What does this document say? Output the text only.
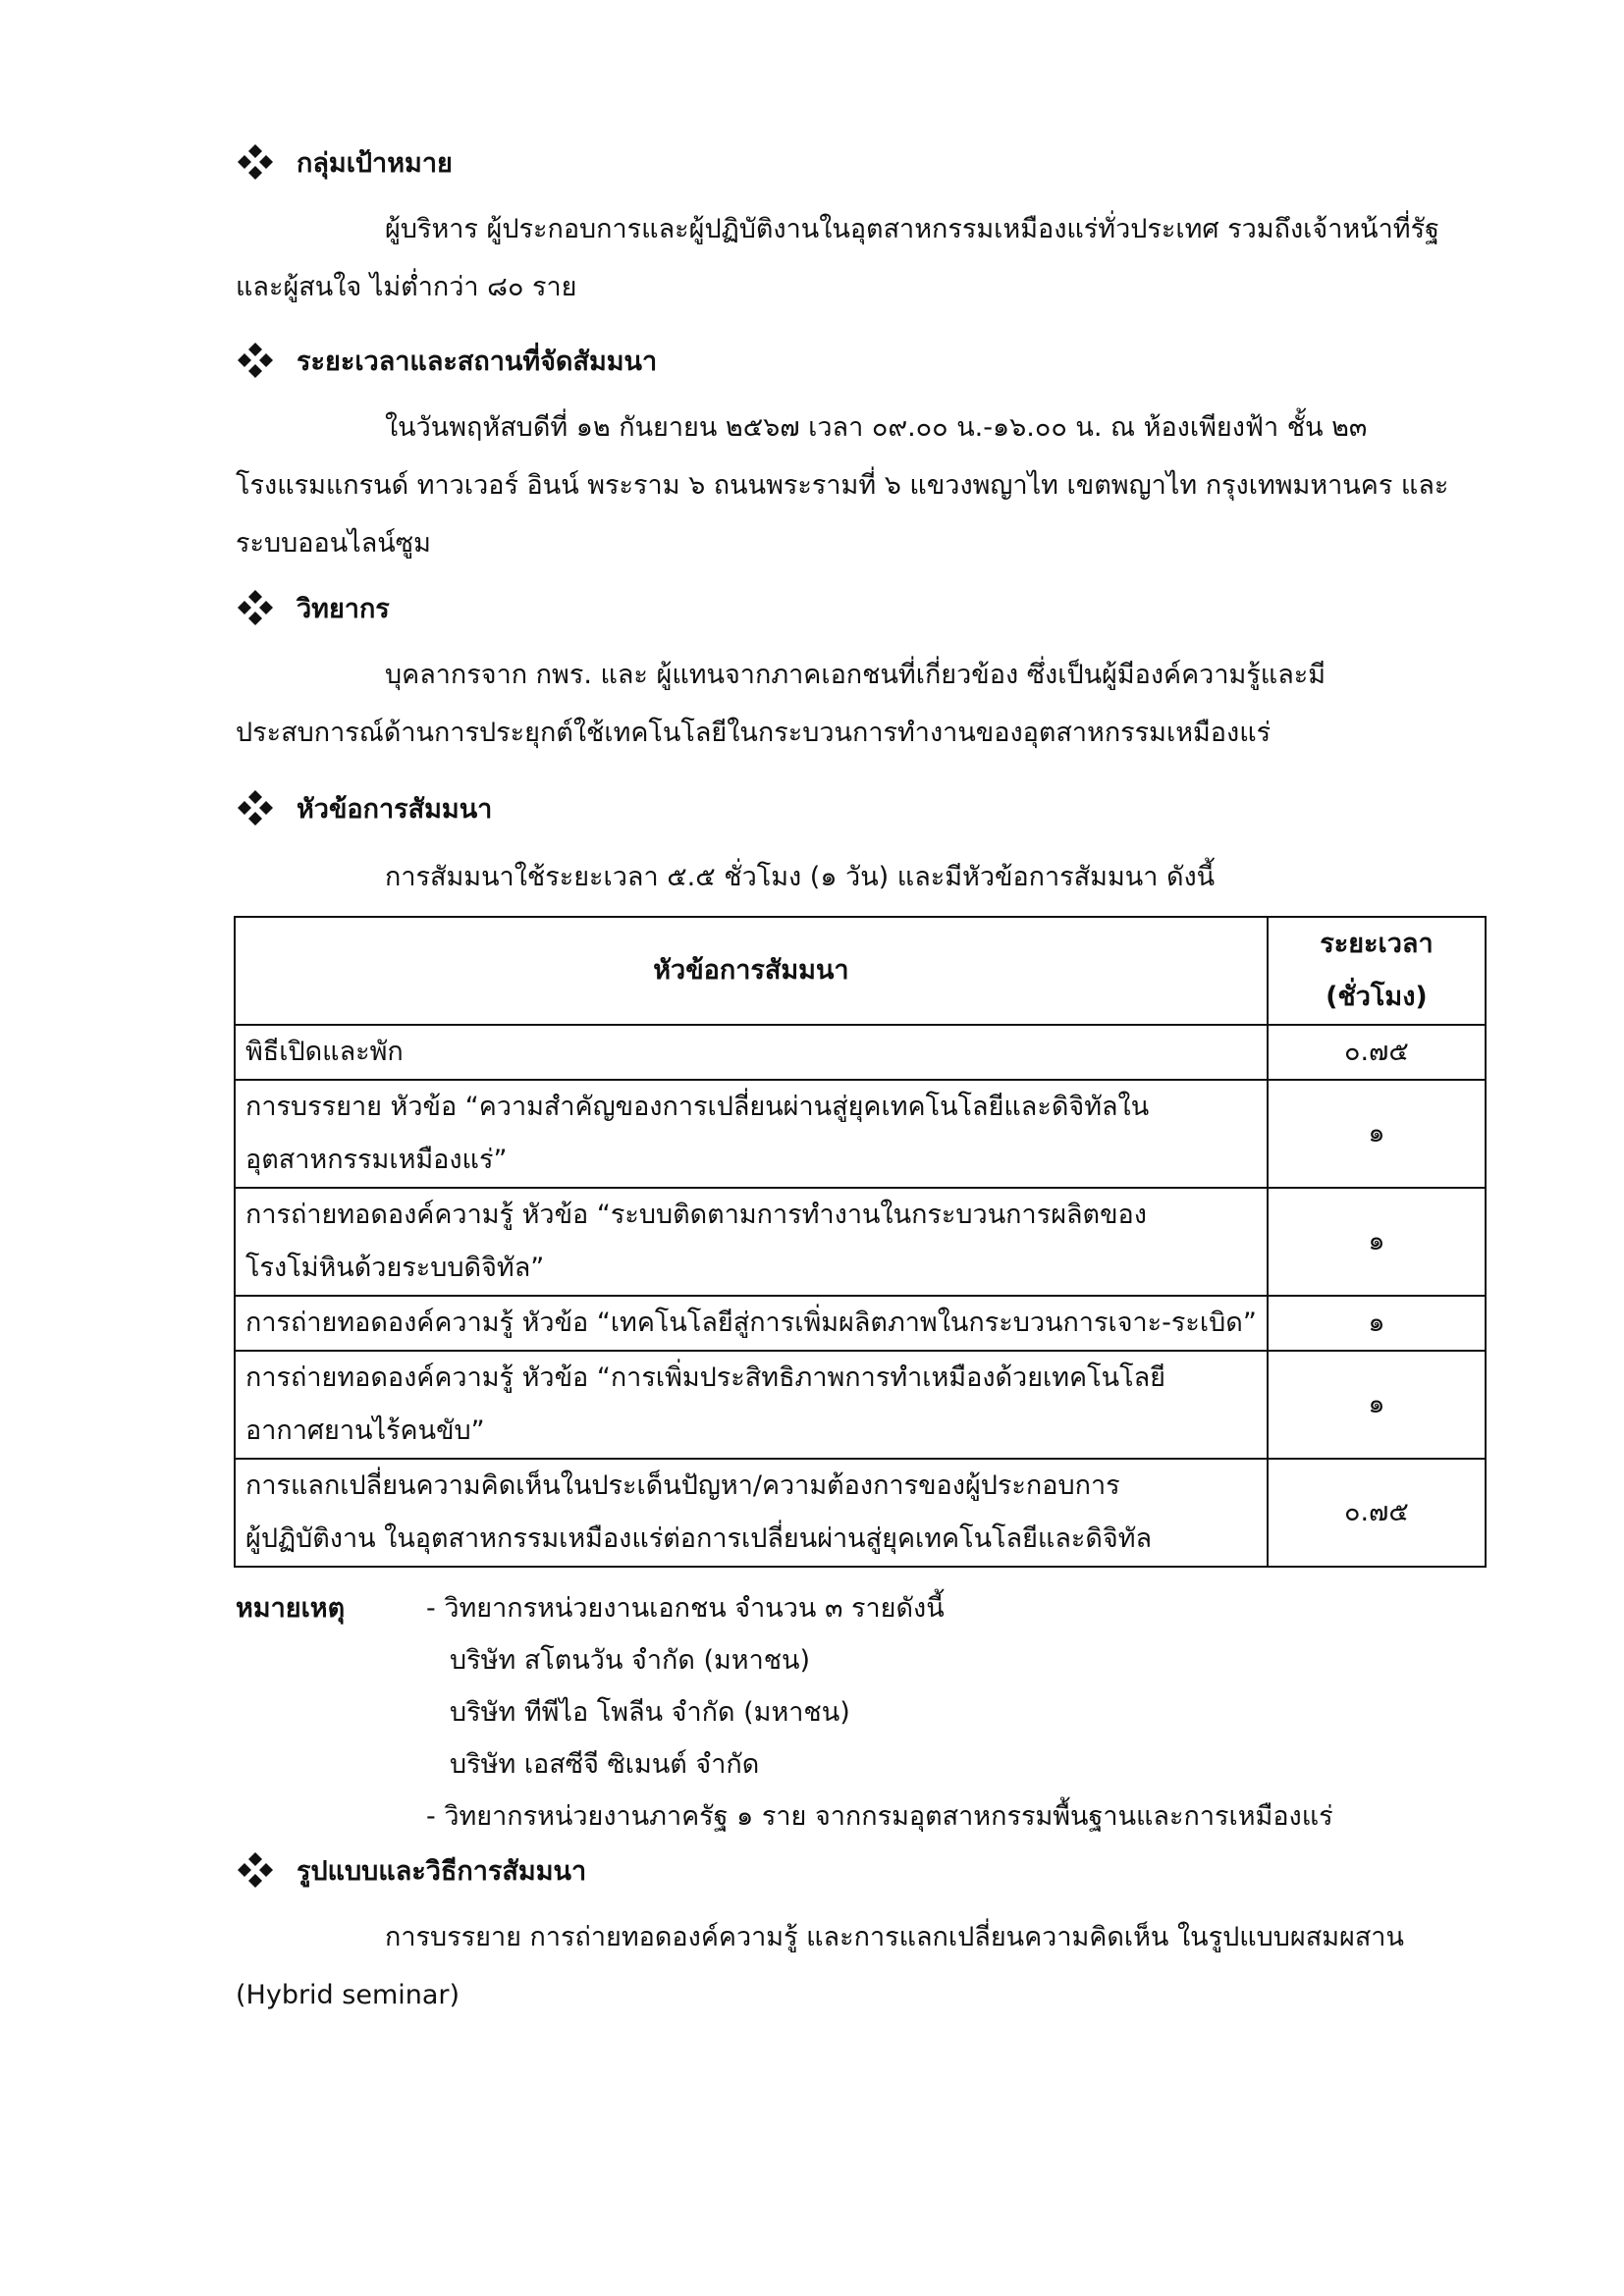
กลุ่มเป้าหมาย
ผู้บริหาร ผู้ประกอบการและผู้ปฏิบัติงานในอุตสาหกรรมเหมืองแร่ทั่วประเทศ รวมถึงเจ้าหน้าที่รัฐ
และผู้สนใจ ไม่ต่ำกว่า ๘๐ ราย
ระยะเวลาและสถานที่จัดสัมมนา
ในวันพฤหัสบดีที่ ๑๒ กันยายน ๒๕๖๗ เวลา ๐๙.๐๐ น.-๑๖.๐๐ น. ณ ห้องเพียงฟ้า ชั้น ๒๓
โรงแรมแกรนด์ ทาวเวอร์ อินน์ พระราม ๖ ถนนพระรามที่ ๖ แขวงพญาไท เขตพญาไท กรุงเทพมหานคร และ
ระบบออนไลน์ซูม
วิทยากร
บุคลากรจาก กพร. และ ผู้แทนจากภาคเอกชนที่เกี่ยวข้อง ซึ่งเป็นผู้มีองค์ความรู้และมี
ประสบการณ์ด้านการประยุกต์ใช้เทคโนโลยีในกระบวนการทำงานของอุตสาหกรรมเหมืองแร่
หัวข้อการสัมมนา
การสัมมนาใช้ระยะเวลา ๕.๕ ชั่วโมง (๑ วัน) และมีหัวข้อการสัมมนา ดังนี้
หัวข้อการสัมมนา	ระยะเวลา (ชั่วโมง)

พิธีเปิดและพัก	๐.๗๕

การบรรยาย หัวข้อ “ความสำคัญของการเปลี่ยนผ่านสู่ยุคเทคโนโลยีและดิจิทัลใน
อุตสาหกรรมเหมืองแร่”	๑

การถ่ายทอดองค์ความรู้ หัวข้อ “ระบบติดตามการทำงานในกระบวนการผลิตของ
โรงโม่หินด้วยระบบดิจิทัล”	๑

การถ่ายทอดองค์ความรู้ หัวข้อ “เทคโนโลยีสู่การเพิ่มผลิตภาพในกระบวนการเจาะ-ระเบิด”	๑

การถ่ายทอดองค์ความรู้ หัวข้อ “การเพิ่มประสิทธิภาพการทำเหมืองด้วยเทคโนโลยี
อากาศยานไร้คนขับ”	๑

การแลกเปลี่ยนความคิดเห็นในประเด็นปัญหา/ความต้องการของผู้ประกอบการ
ผู้ปฏิบัติงาน ในอุตสาหกรรมเหมืองแร่ต่อการเปลี่ยนผ่านสู่ยุคเทคโนโลยีและดิจิทัล	๐.๗๕
หมายเหตุ	- วิทยากรหน่วยงานเอกชน จำนวน ๓ รายดังนี้
บริษัท สโตนวัน จำกัด (มหาชน)
บริษัท ทีพีไอ โพลีน จำกัด (มหาชน)
บริษัท เอสซีจี ซิเมนต์ จำกัด
- วิทยากรหน่วยงานภาครัฐ ๑ ราย จากกรมอุตสาหกรรมพื้นฐานและการเหมืองแร่
รูปแบบและวิธีการสัมมนา
การบรรยาย การถ่ายทอดองค์ความรู้ และการแลกเปลี่ยนความคิดเห็น ในรูปแบบผสมผสาน
(Hybrid seminar)
